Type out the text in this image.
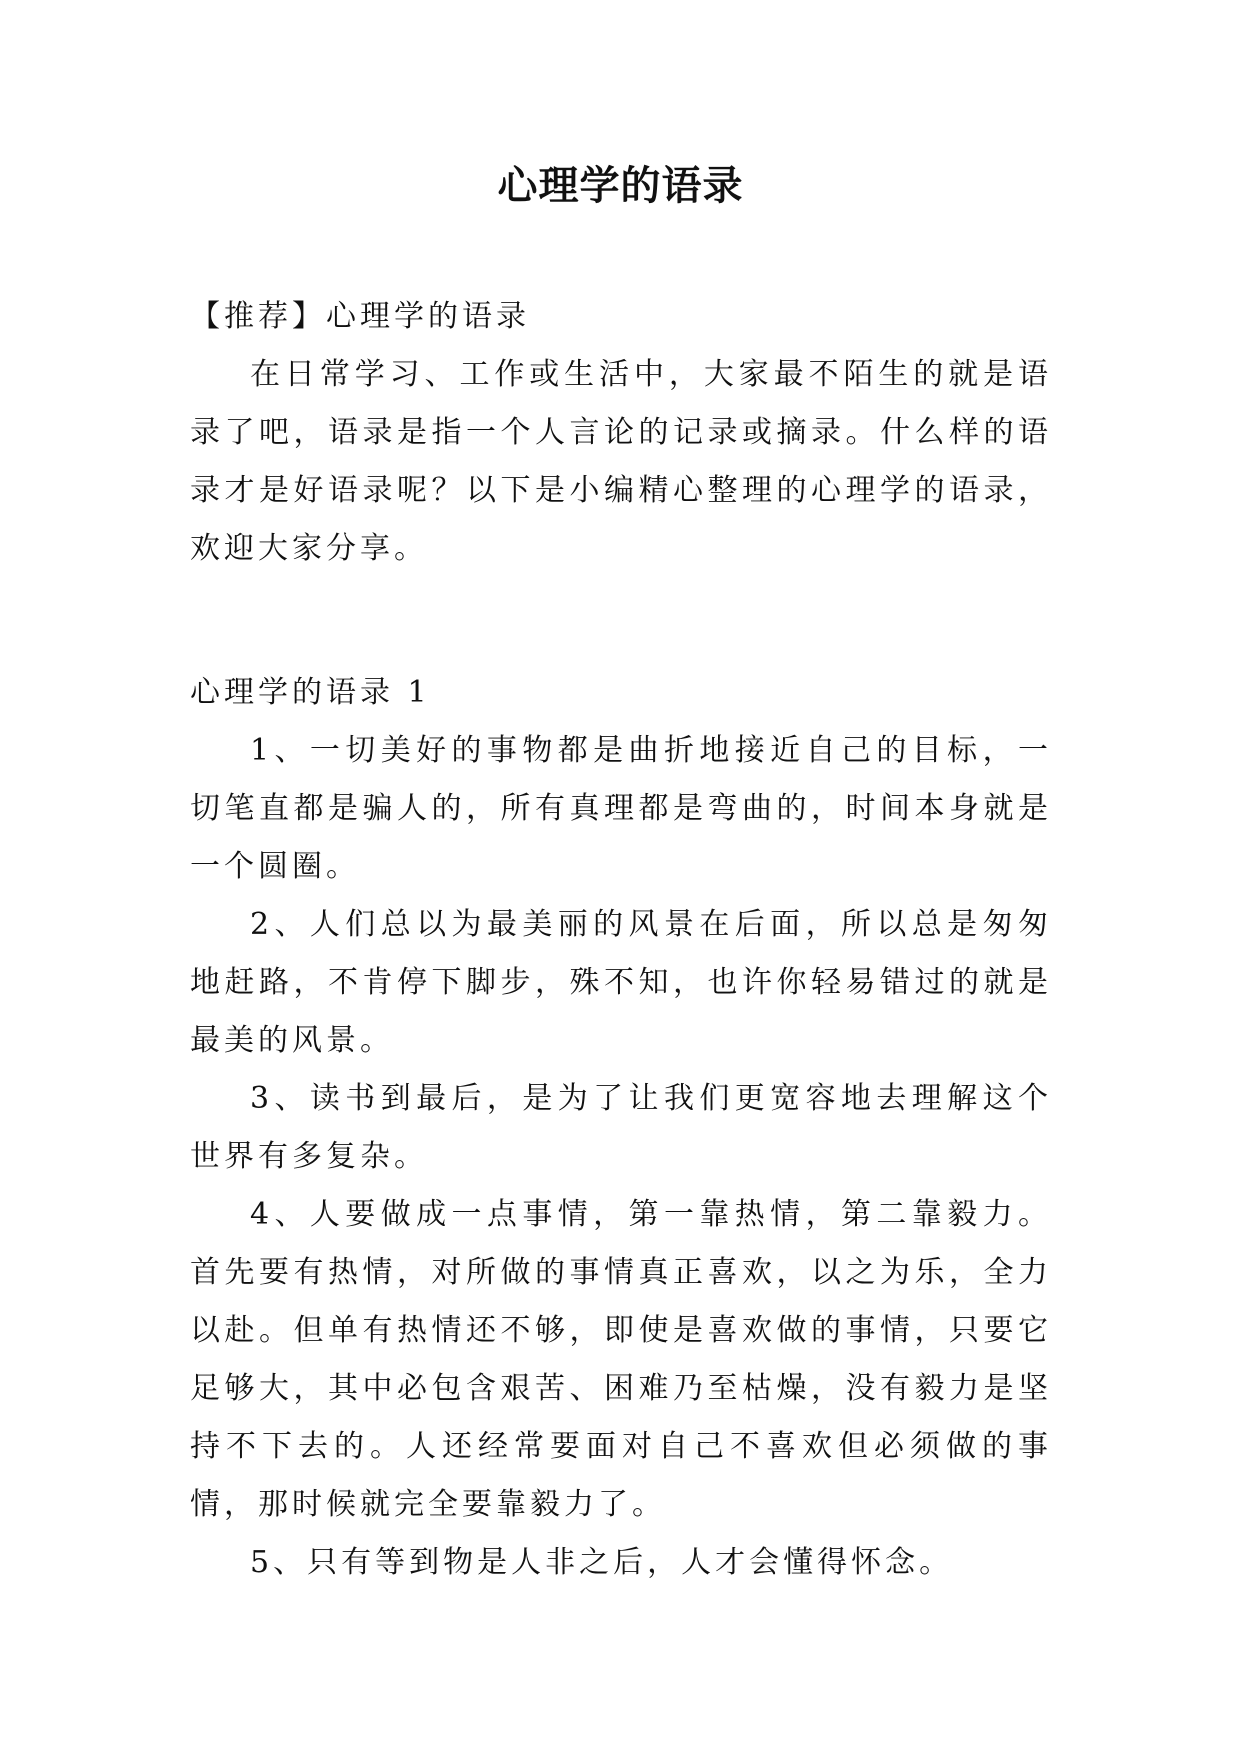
心理学的语录

【推荐】心理学的语录

在日常学习、工作或生活中，大家最不陌生的就是语录了吧，语录是指一个人言论的记录或摘录。什么样的语录才是好语录呢？以下是小编精心整理的心理学的语录，欢迎大家分享。

心理学的语录 1

1、一切美好的事物都是曲折地接近自己的目标，一切笔直都是骗人的，所有真理都是弯曲的，时间本身就是一个圆圈。

2、人们总以为最美丽的风景在后面，所以总是匆匆地赶路，不肯停下脚步，殊不知，也许你轻易错过的就是最美的风景。

3、读书到最后，是为了让我们更宽容地去理解这个世界有多复杂。

4、人要做成一点事情，第一靠热情，第二靠毅力。首先要有热情，对所做的事情真正喜欢，以之为乐，全力以赴。但单有热情还不够，即使是喜欢做的事情，只要它足够大，其中必包含艰苦、困难乃至枯燥，没有毅力是坚持不下去的。人还经常要面对自己不喜欢但必须做的事情，那时候就完全要靠毅力了。

5、只有等到物是人非之后，人才会懂得怀念。
